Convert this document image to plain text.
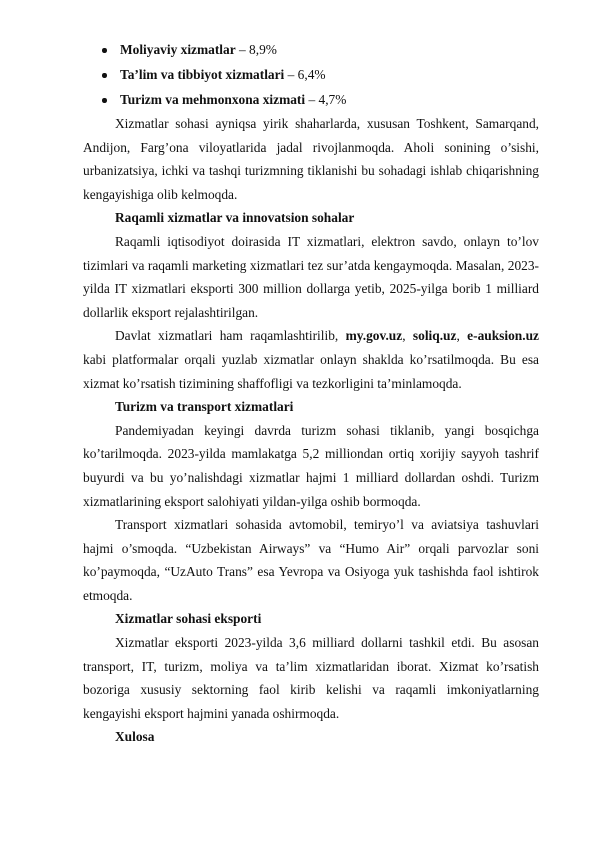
Moliyaviy xizmatlar – 8,9%
Ta’lim va tibbiyot xizmatlari – 6,4%
Turizm va mehmonxona xizmati – 4,7%

Xizmatlar sohasi ayniqsa yirik shaharlarda, xususan Toshkent, Samarqand, Andijon, Farg’ona viloyatlarida jadal rivojlanmoqda. Aholi sonining o’sishi, urbanizatsiya, ichki va tashqi turizmning tiklanishi bu sohadagi ishlab chiqarishning kengayishiga olib kelmoqda.

Raqamli xizmatlar va innovatsion sohalar

Raqamli iqtisodiyot doirasida IT xizmatlari, elektron savdo, onlayn to’lov tizimlari va raqamli marketing xizmatlari tez sur’atda kengaymoqda. Masalan, 2023-yilda IT xizmatlari eksporti 300 million dollarga yetib, 2025-yilga borib 1 milliard dollarlik eksport rejalashtirilgan.

Davlat xizmatlari ham raqamlashtirilib, my.gov.uz, soliq.uz, e-auksion.uz kabi platformalar orqali yuzlab xizmatlar onlayn shaklda ko’rsatilmoqda. Bu esa xizmat ko’rsatish tizimining shaffofligi va tezkorligini ta’minlamoqda.

Turizm va transport xizmatlari

Pandemiyadan keyingi davrda turizm sohasi tiklanib, yangi bosqichga ko’tarilmoqda. 2023-yilda mamlakatga 5,2 milliondan ortiq xorijiy sayyoh tashrif buyurdi va bu yo’nalishdagi xizmatlar hajmi 1 milliard dollardan oshdi. Turizm xizmatlarining eksport salohiyati yildan-yilga oshib bormoqda.

Transport xizmatlari sohasida avtomobil, temiryo’l va aviatsiya tashuvlari hajmi o’smoqda. “Uzbekistan Airways” va “Humo Air” orqali parvozlar soni ko’paymoqda, “UzAuto Trans” esa Yevropa va Osiyoga yuk tashishda faol ishtirok etmoqda.

Xizmatlar sohasi eksporti

Xizmatlar eksporti 2023-yilda 3,6 milliard dollarni tashkil etdi. Bu asosan transport, IT, turizm, moliya va ta’lim xizmatlaridan iborat. Xizmat ko’rsatish bozoriga xususiy sektorning faol kirib kelishi va raqamli imkoniyatlarning kengayishi eksport hajmini yanada oshirmoqda.

Xulosa
